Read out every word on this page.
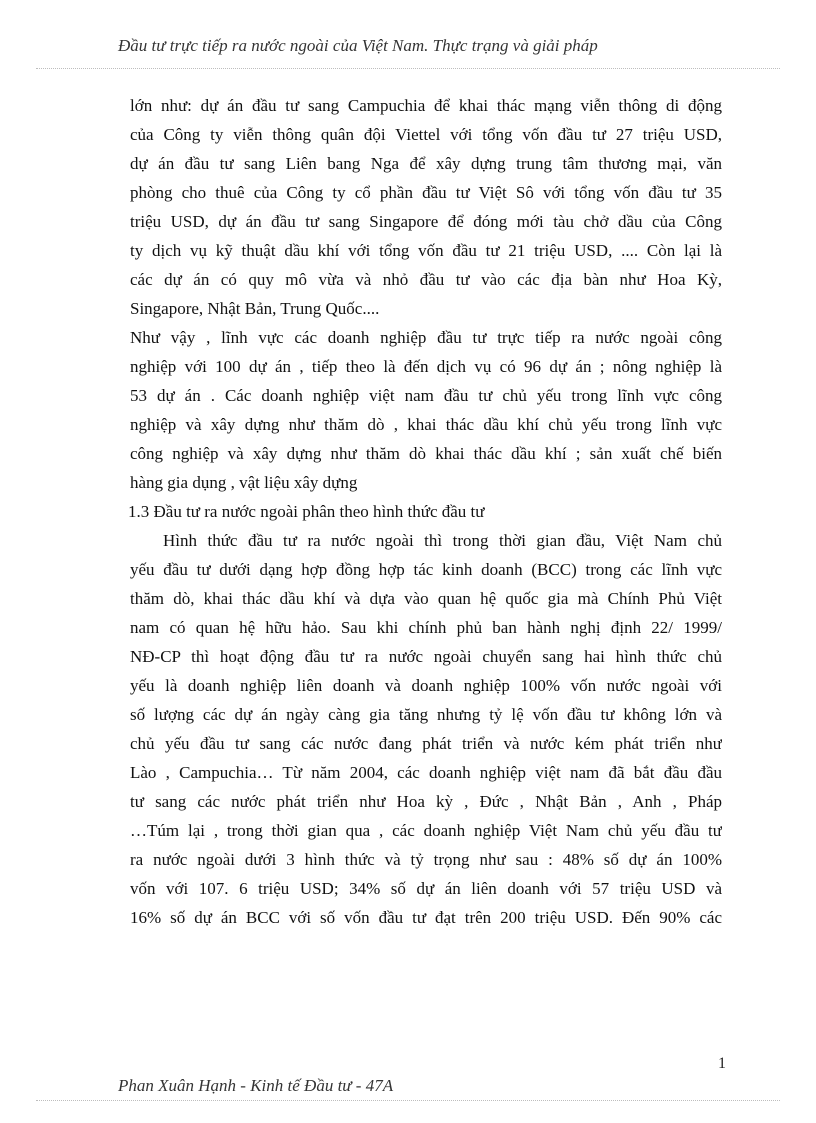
Đầu tư trực tiếp ra nước ngoài của Việt Nam. Thực trạng và giải pháp
lớn như: dự án đầu tư sang Campuchia để khai thác mạng viễn thông di động
của Công ty viễn thông quân đội Viettel với tổng vốn đầu tư 27 triệu USD,
dự án đầu tư sang Liên bang Nga để xây dựng trung tâm thương mại, văn
phòng cho thuê của Công ty cổ phần đầu tư Việt Sô với tổng vốn đầu tư 35
triệu USD, dự án đầu tư sang Singapore để đóng mới tàu chở dầu của Công
ty dịch vụ kỹ thuật dầu khí với tổng vốn đầu tư 21 triệu USD, .... Còn lại là
các dự án có quy mô vừa và nhỏ đầu tư vào các địa bàn như Hoa Kỳ,
Singapore, Nhật Bản, Trung Quốc....
Như vậy , lĩnh vực các doanh nghiệp đầu tư trực tiếp ra nước ngoài công
nghiệp với 100 dự án , tiếp theo là đến dịch vụ có 96 dự án ; nông nghiệp là
53 dự án . Các doanh nghiệp việt nam đầu tư chủ yếu trong lĩnh vực công
nghiệp và xây dựng như thăm dò , khai thác dầu khí chủ yếu trong lĩnh vực
công nghiệp và xây dựng như thăm dò khai thác dầu khí ; sản xuất chế biến
hàng gia dụng , vật liệu xây dựng
1.3 Đầu tư ra nước ngoài phân theo hình thức đầu tư
Hình thức đầu tư ra nước ngoài thì trong thời gian đầu, Việt Nam chủ
yếu đầu tư dưới dạng hợp đồng hợp tác kinh doanh (BCC) trong các lĩnh vực
thăm dò, khai thác dầu khí và dựa vào quan hệ quốc gia mà Chính Phủ Việt
nam có quan hệ hữu hảo. Sau khi chính phủ ban hành nghị định 22/ 1999/
NĐ-CP thì hoạt động đầu tư ra nước ngoài chuyển sang hai hình thức chủ
yếu là doanh nghiệp liên doanh và doanh nghiệp 100% vốn nước ngoài với
số lượng các dự án ngày càng gia tăng nhưng tỷ lệ vốn đầu tư không lớn và
chủ yếu đầu tư sang các nước đang phát triển và nước kém phát triển như
Lào , Campuchia… Từ năm 2004, các doanh nghiệp việt nam đã bắt đầu đầu
tư sang các nước phát triển như Hoa kỳ , Đức , Nhật Bản , Anh , Pháp
…Túm lại , trong thời gian qua , các doanh nghiệp Việt Nam chủ yếu đầu tư
ra nước ngoài dưới 3 hình thức và tỷ trọng như sau : 48% số dự án 100%
vốn với 107. 6 triệu USD; 34% số dự án liên doanh với 57 triệu USD và
16% số dự án BCC với số vốn đầu tư đạt trên 200 triệu USD. Đến 90% các
1
Phan Xuân Hạnh - Kinh tế Đầu tư - 47A
